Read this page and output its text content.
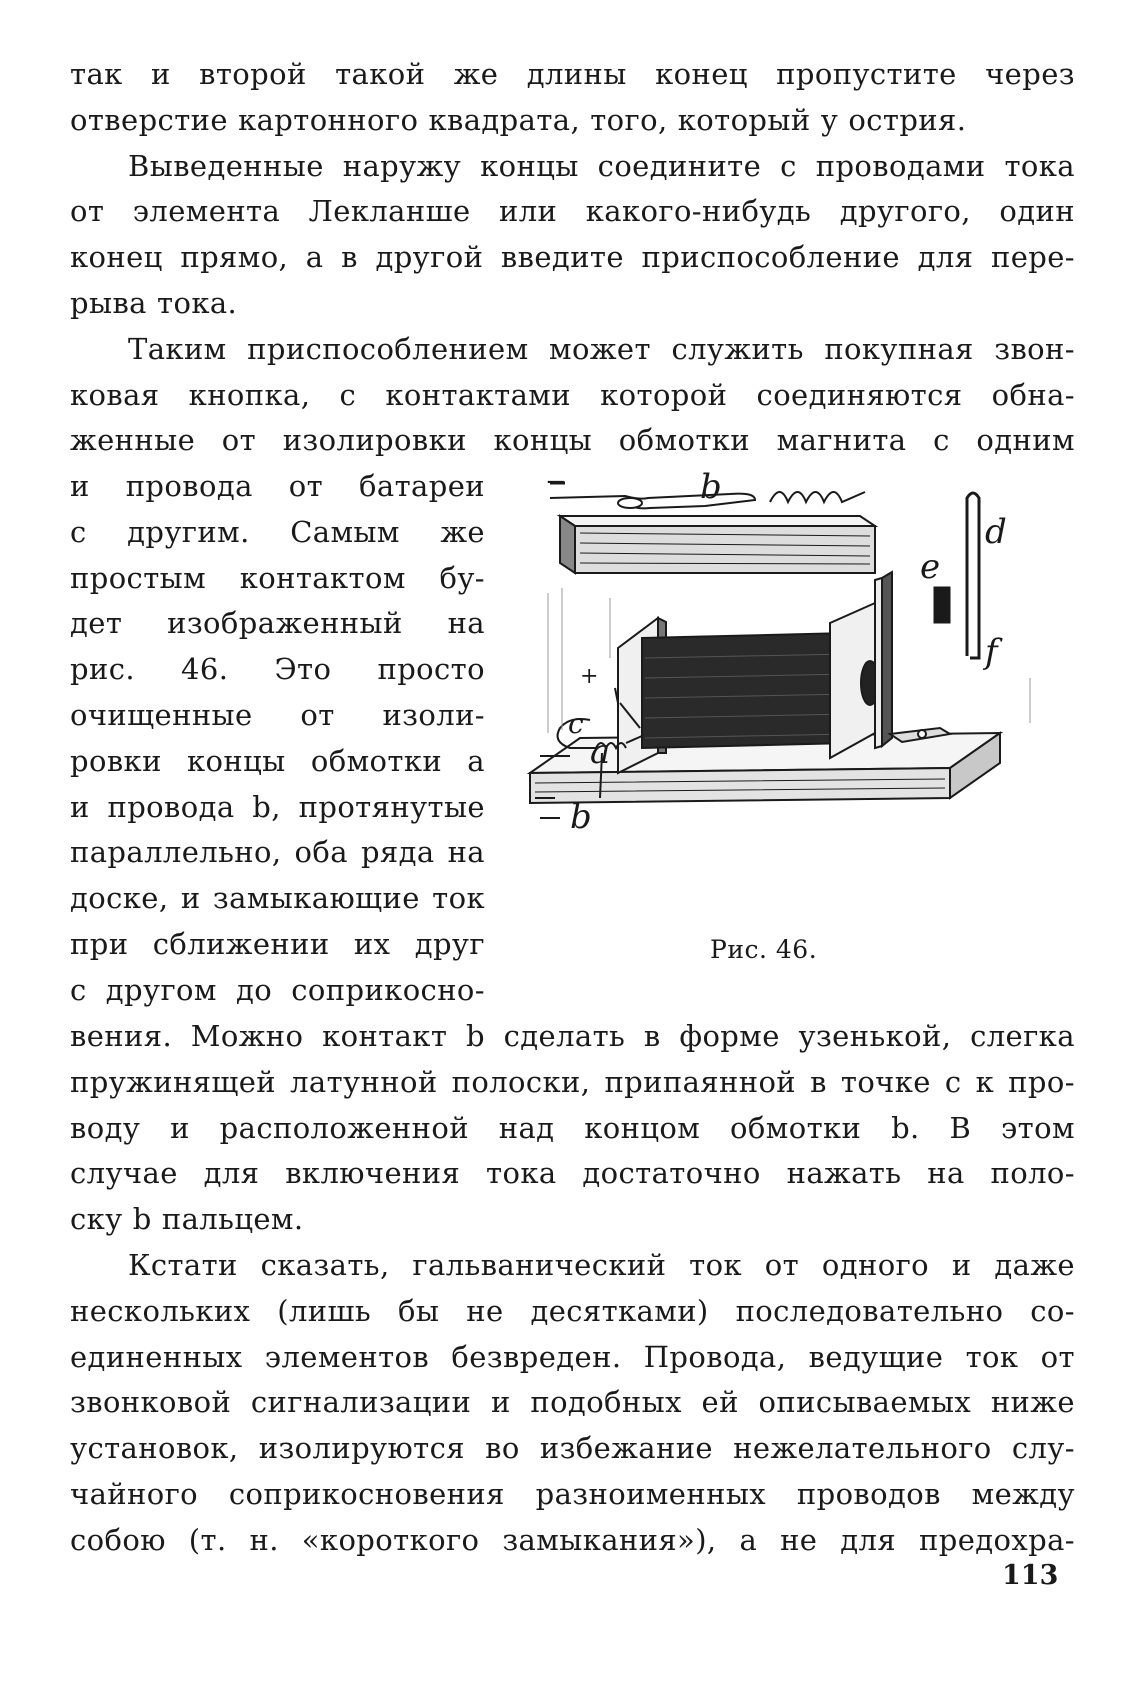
так и второй такой же длины конец пропустите через
отверстие картонного квадрата, того, который у острия.
Выведенные наружу концы соедините с проводами тока
от элемента Лекланше или какого-нибудь другого, один
конец прямо, а в другой введите приспособление для пере-
рыва тока.
Таким приспособлением может служить покупная звон-
ковая кнопка, с контактами которой соединяются обна-
женные от изолировки концы обмотки магнита с одним
и провода от батареи
с другим. Самым же
простым контактом бу-
дет изображенный на
рис. 46. Это просто
очищенные от изоли-
ровки концы обмотки a
и провода b, протянутые
параллельно, оба ряда на
доске, и замыкающие ток
при сближении их друг
с другом до соприкосно-
вения. Можно контакт b сделать в форме узенькой, слегка
пружинящей латунной полоски, припаянной в точке c к про-
воду и расположенной над концом обмотки b. В этом
случае для включения тока достаточно нажать на поло-
ску b пальцем.
Кстати сказать, гальванический ток от одного и даже
нескольких (лишь бы не десятками) последовательно со-
единенных элементов безвреден. Провода, ведущие ток от
звонковой сигнализации и подобных ей описываемых ниже
установок, изолируются во избежание нежелательного слу-
чайного соприкосновения разноименных проводов между
собою (т. н. «короткого замыкания»), а не для предохра-
b
d
e
f
a
c
b
+
−
Рис. 46.
113
